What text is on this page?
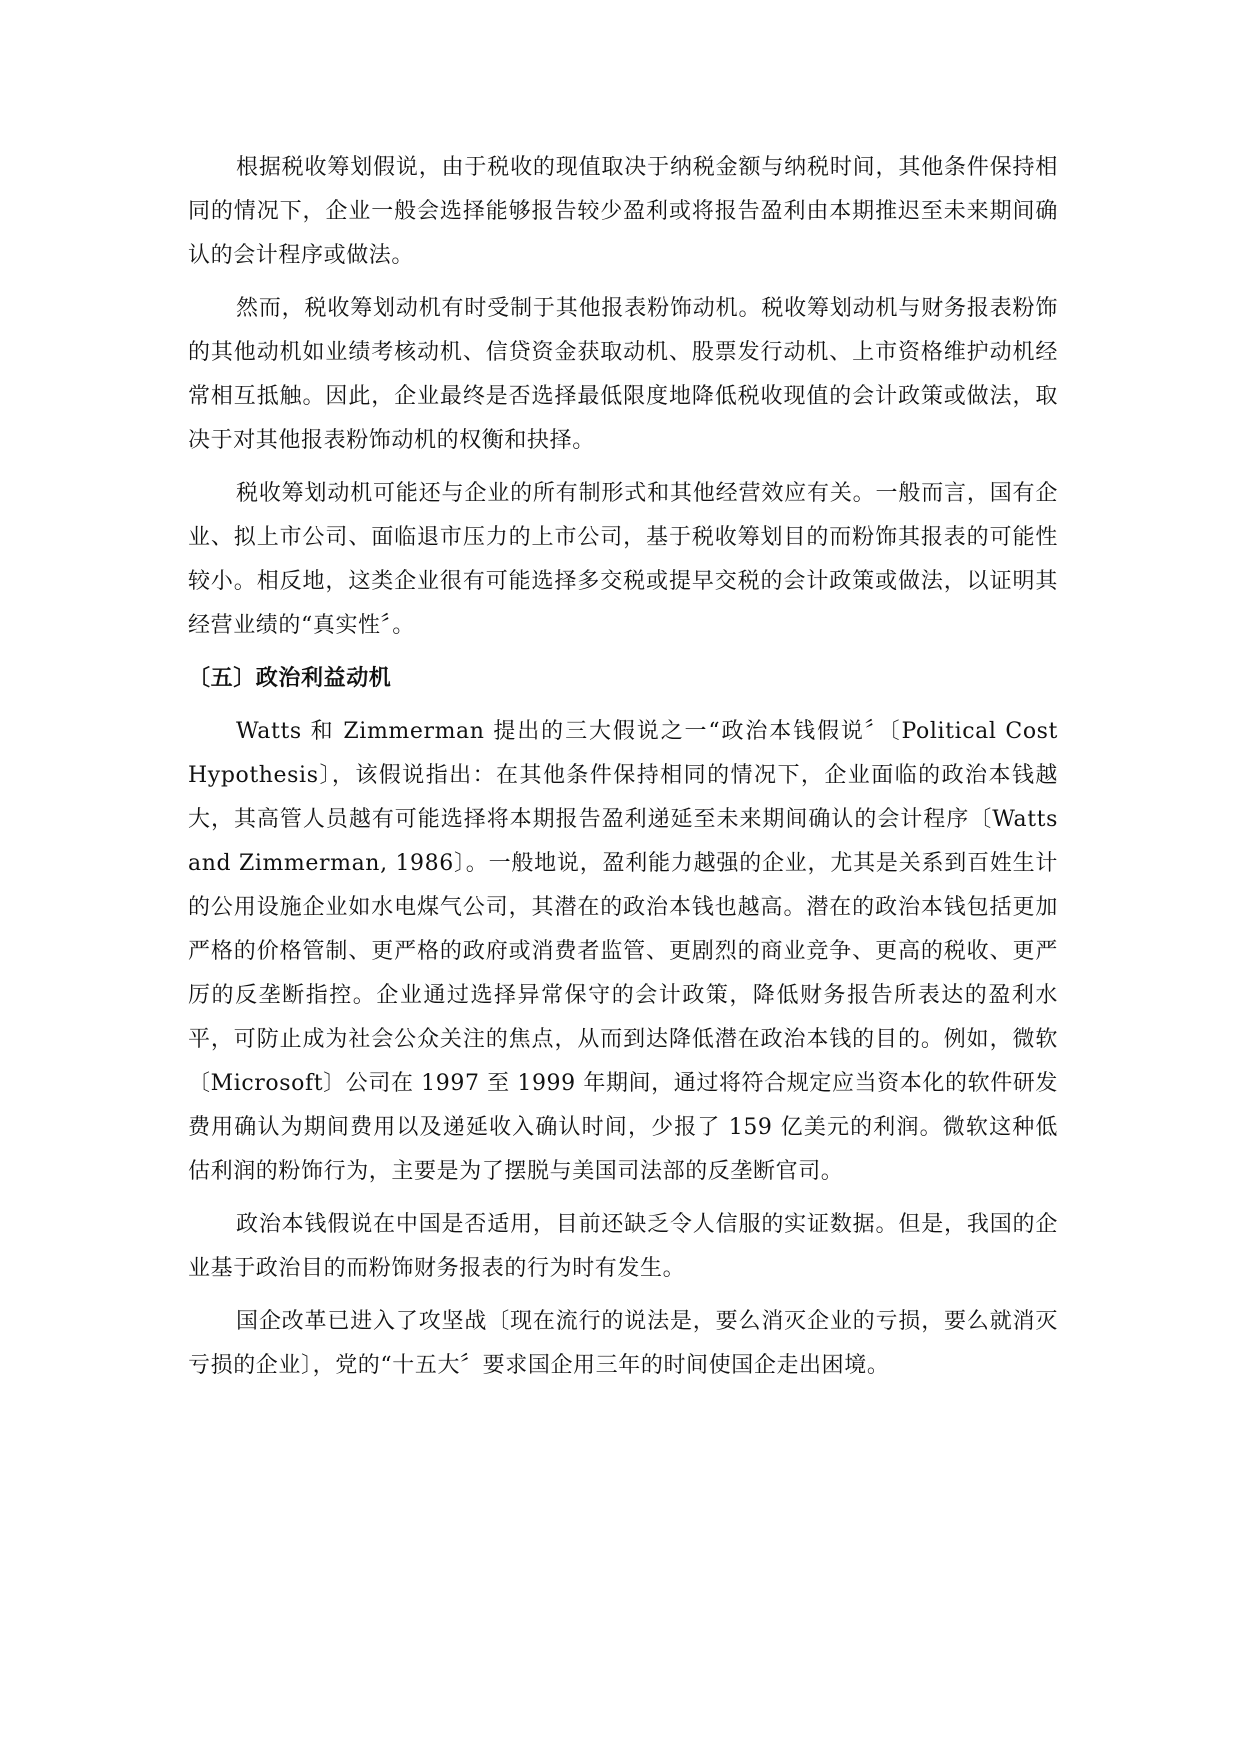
根据税收筹划假说，由于税收的现值取决于纳税金额与纳税时间，其他条件保持相同的情况下，企业一般会选择能够报告较少盈利或将报告盈利由本期推迟至未来期间确认的会计程序或做法。

然而，税收筹划动机有时受制于其他报表粉饰动机。税收筹划动机与财务报表粉饰的其他动机如业绩考核动机、信贷资金获取动机、股票发行动机、上市资格维护动机经常相互抵触。因此，企业最终是否选择最低限度地降低税收现值的会计政策或做法，取决于对其他报表粉饰动机的权衡和抉择。

税收筹划动机可能还与企业的所有制形式和其他经营效应有关。一般而言，国有企业、拟上市公司、面临退市压力的上市公司，基于税收筹划目的而粉饰其报表的可能性较小。相反地，这类企业很有可能选择多交税或提早交税的会计政策或做法，以证明其经营业绩的“真实性〞。

〔五〕政治利益动机

Watts 和 Zimmerman 提出的三大假说之一“政治本钱假说〞〔Political Cost Hypothesis〕，该假说指出：在其他条件保持相同的情况下，企业面临的政治本钱越大，其高管人员越有可能选择将本期报告盈利递延至未来期间确认的会计程序〔Watts and Zimmerman, 1986〕。一般地说，盈利能力越强的企业，尤其是关系到百姓生计的公用设施企业如水电煤气公司，其潜在的政治本钱也越高。潜在的政治本钱包括更加严格的价格管制、更严格的政府或消费者监管、更剧烈的商业竞争、更高的税收、更严厉的反垄断指控。企业通过选择异常保守的会计政策，降低财务报告所表达的盈利水平，可防止成为社会公众关注的焦点，从而到达降低潜在政治本钱的目的。例如，微软〔Microsoft〕公司在 1997 至 1999 年期间，通过将符合规定应当资本化的软件研发费用确认为期间费用以及递延收入确认时间，少报了 159 亿美元的利润。微软这种低估利润的粉饰行为，主要是为了摆脱与美国司法部的反垄断官司。

政治本钱假说在中国是否适用，目前还缺乏令人信服的实证数据。但是，我国的企业基于政治目的而粉饰财务报表的行为时有发生。

国企改革已进入了攻坚战〔现在流行的说法是，要么消灭企业的亏损，要么就消灭亏损的企业〕，党的“十五大〞要求国企用三年的时间使国企走出困境。
